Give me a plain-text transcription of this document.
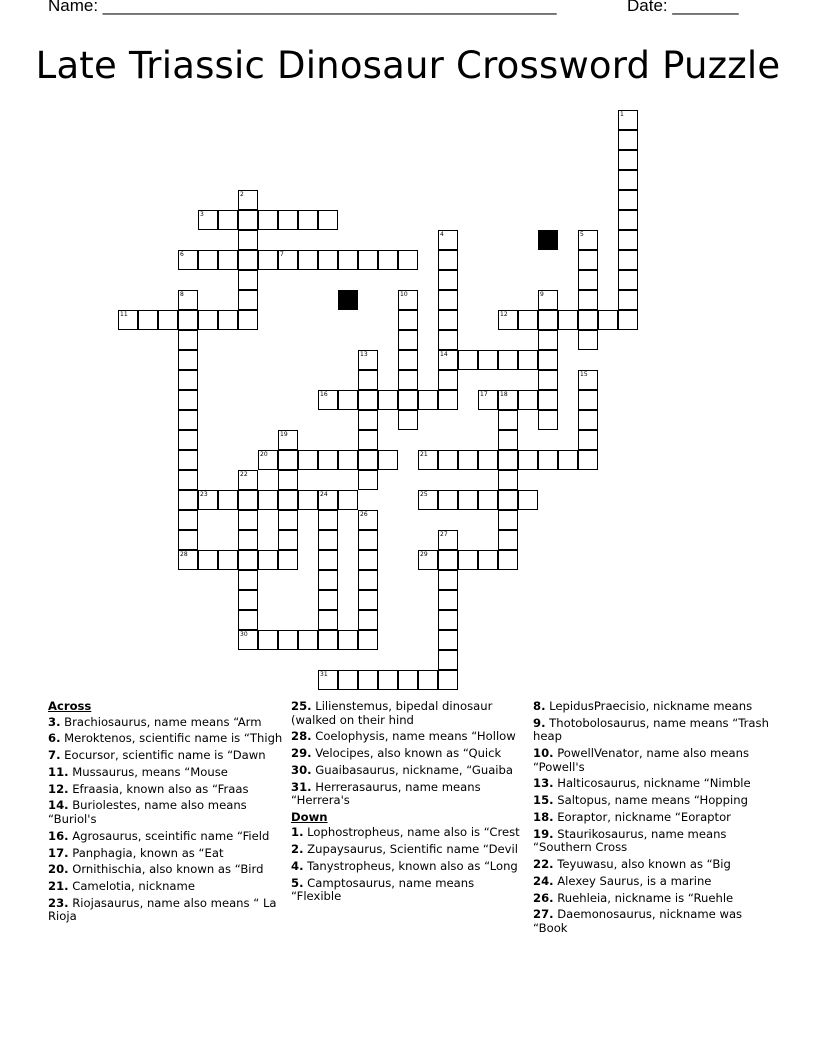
Name: ________________________________________________	Date: _______
Late Triassic Dinosaur Crossword Puzzle
3
6	7
11	12
14
16	17 18
20	21
23	24	25
28	29
30
31
1
2
4	5
8	9
10
13
15
19
22
26
27
Across
3. Brachiosaurus, name means “Arm
6. Meroktenos, scientific name is “Thigh
7. Eocursor, scientific name is “Dawn
11. Mussaurus, means “Mouse
12. Efraasia, known also as “Fraas
14. Buriolestes, name also means “Buriol's
16. Agrosaurus, sceintific name “Field
17. Panphagia, known as “Eat
20. Ornithischia, also known as “Bird
21. Camelotia, nickname
23. Riojasaurus, name also means “ La Rioja
25. Lilienstemus, bipedal dinosaur (walked on their hind
28. Coelophysis, name means “Hollow
29. Velocipes, also known as “Quick
30. Guaibasaurus, nickname, “Guaiba
31. Herrerasaurus, name means “Herrera's
Down
1. Lophostropheus, name also is “Crest
2. Zupaysaurus, Scientific name “Devil
4. Tanystropheus, known also as “Long
5. Camptosaurus, name means “Flexible
8. LepidusPraecisio, nickname means
9. Thotobolosaurus, name means “Trash heap
10. PowellVenator, name also means “Powell's
13. Halticosaurus, nickname “Nimble
15. Saltopus, name means “Hopping
18. Eoraptor, nickname “Eoraptor
19. Staurikosaurus, name means “Southern Cross
22. Teyuwasu, also known as “Big
24. Alexey Saurus, is a marine
26. Ruehleia, nickname is “Ruehle
27. Daemonosaurus, nickname was “Book
